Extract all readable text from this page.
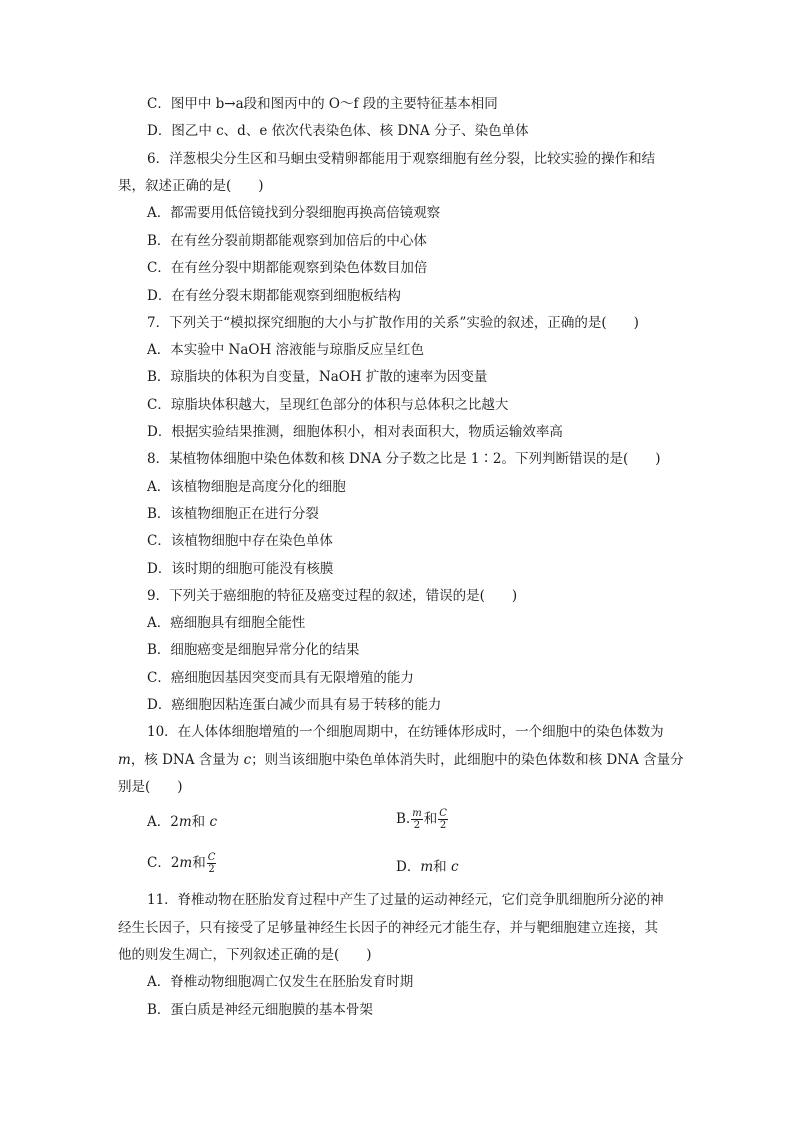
C．图甲中 b→a段和图丙中的 O～f 段的主要特征基本相同
D．图乙中 c、d、e 依次代表染色体、核 DNA 分子、染色单体
6．洋葱根尖分生区和马蛔虫受精卵都能用于观察细胞有丝分裂，比较实验的操作和结
果，叙述正确的是(　　)
A．都需要用低倍镜找到分裂细胞再换高倍镜观察
B．在有丝分裂前期都能观察到加倍后的中心体
C．在有丝分裂中期都能观察到染色体数目加倍
D．在有丝分裂末期都能观察到细胞板结构
7．下列关于“模拟探究细胞的大小与扩散作用的关系”实验的叙述，正确的是(　　)
A．本实验中 NaOH 溶液能与琼脂反应呈红色
B．琼脂块的体积为自变量，NaOH 扩散的速率为因变量
C．琼脂块体积越大，呈现红色部分的体积与总体积之比越大
D．根据实验结果推测，细胞体积小，相对表面积大，物质运输效率高
8．某植物体细胞中染色体数和核 DNA 分子数之比是 1∶2。下列判断错误的是(　　)
A．该植物细胞是高度分化的细胞
B．该植物细胞正在进行分裂
C．该植物细胞中存在染色单体
D．该时期的细胞可能没有核膜
9．下列关于癌细胞的特征及癌变过程的叙述，错误的是(　　)
A．癌细胞具有细胞全能性
B．细胞癌变是细胞异常分化的结果
C．癌细胞因基因突变而具有无限增殖的能力
D．癌细胞因粘连蛋白减少而具有易于转移的能力
10．在人体体细胞增殖的一个细胞周期中，在纺锤体形成时，一个细胞中的染色体数为
m，核 DNA 含量为 c；则当该细胞中染色单体消失时，此细胞中的染色体数和核 DNA 含量分
别是(　　)
A．2m和 c	B. $\frac{m}{2}$ 和 $\frac{C}{2}$
C．2m和 $\frac{C}{2}$	D．m和 c
11．脊椎动物在胚胎发育过程中产生了过量的运动神经元，它们竞争肌细胞所分泌的神
经生长因子，只有接受了足够量神经生长因子的神经元才能生存，并与靶细胞建立连接，其
他的则发生凋亡，下列叙述正确的是(　　)
A．脊椎动物细胞凋亡仅发生在胚胎发育时期
B．蛋白质是神经元细胞膜的基本骨架
